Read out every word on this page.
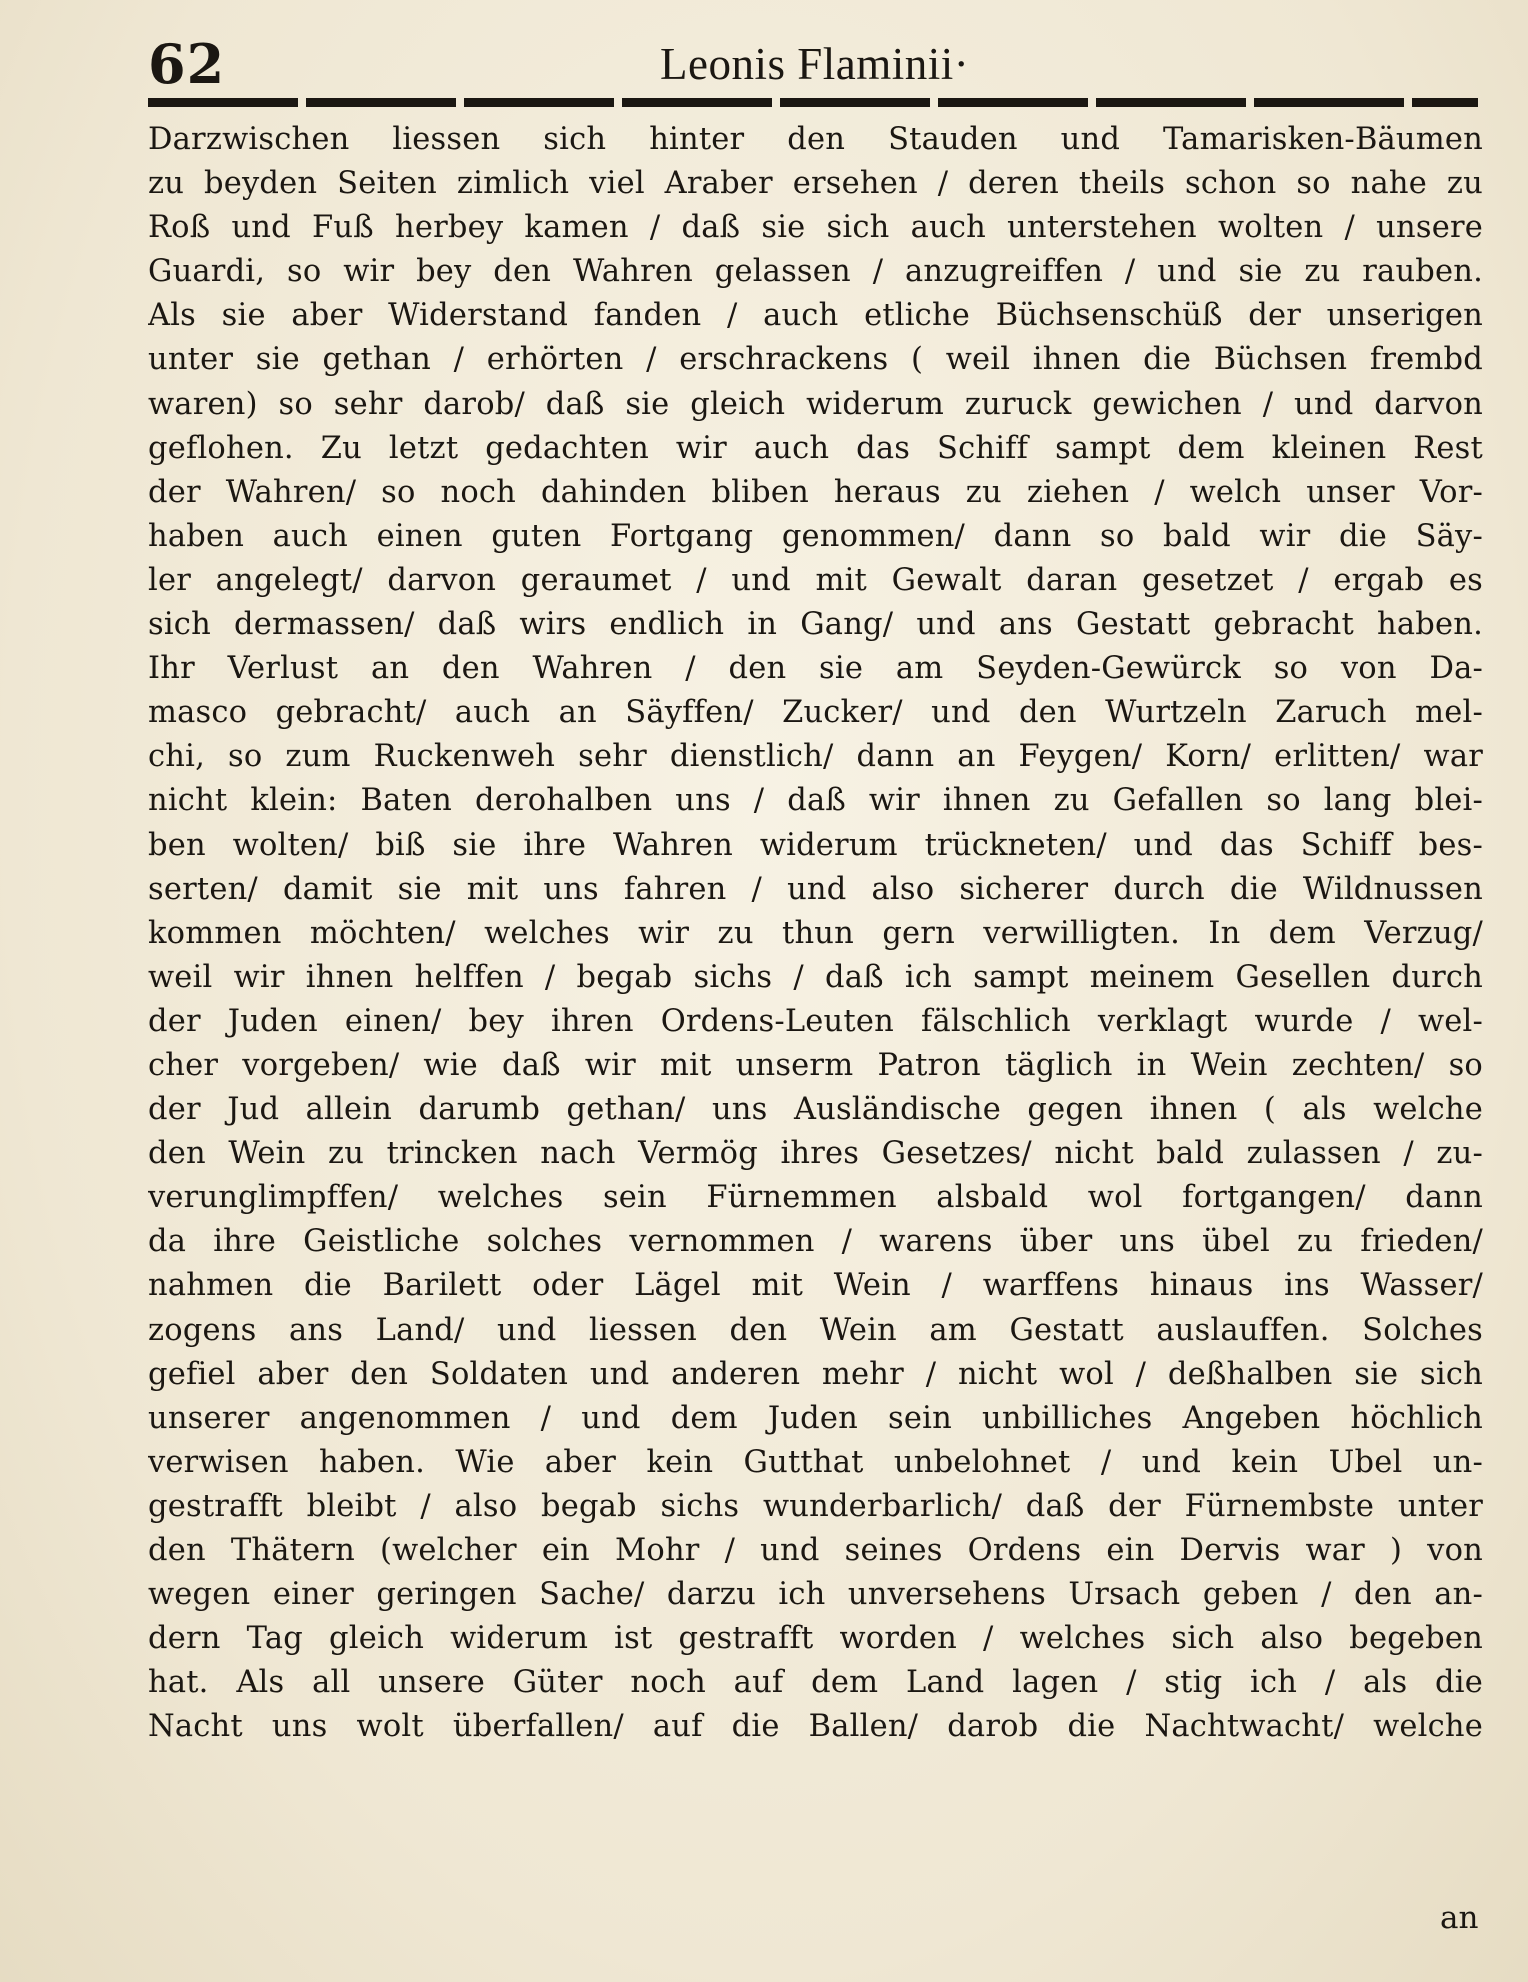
62	Leonis Flaminii·
Darzwischen liessen sich hinter den Stauden und Tamarisken-Bäumen
zu beyden Seiten zimlich viel Araber ersehen / deren theils schon so nahe zu
Roß und Fuß herbey kamen / daß sie sich auch unterstehen wolten / unsere
Guardi, so wir bey den Wahren gelassen / anzugreiffen / und sie zu rauben.
Als sie aber Widerstand fanden / auch etliche Büchsenschüß der unserigen
unter sie gethan / erhörten / erschrackens ( weil ihnen die Büchsen frembd
waren) so sehr darob/ daß sie gleich widerum zuruck gewichen / und darvon
geflohen. Zu letzt gedachten wir auch das Schiff sampt dem kleinen Rest
der Wahren/ so noch dahinden bliben heraus zu ziehen / welch unser Vor-
haben auch einen guten Fortgang genommen/ dann so bald wir die Säy-
ler angelegt/ darvon geraumet / und mit Gewalt daran gesetzet / ergab es
sich dermassen/ daß wirs endlich in Gang/ und ans Gestatt gebracht haben.
Ihr Verlust an den Wahren / den sie am Seyden-Gewürck so von Da-
masco gebracht/ auch an Säyffen/ Zucker/ und den Wurtzeln Zaruch mel-
chi, so zum Ruckenweh sehr dienstlich/ dann an Feygen/ Korn/ erlitten/ war
nicht klein: Baten derohalben uns / daß wir ihnen zu Gefallen so lang blei-
ben wolten/ biß sie ihre Wahren widerum trückneten/ und das Schiff bes-
serten/ damit sie mit uns fahren / und also sicherer durch die Wildnussen
kommen möchten/ welches wir zu thun gern verwilligten. In dem Verzug/
weil wir ihnen helffen / begab sichs / daß ich sampt meinem Gesellen durch
der Juden einen/ bey ihren Ordens-Leuten fälschlich verklagt wurde / wel-
cher vorgeben/ wie daß wir mit unserm Patron täglich in Wein zechten/ so
der Jud allein darumb gethan/ uns Ausländische gegen ihnen ( als welche
den Wein zu trincken nach Vermög ihres Gesetzes/ nicht bald zulassen / zu-
verunglimpffen/ welches sein Fürnemmen alsbald wol fortgangen/ dann
da ihre Geistliche solches vernommen / warens über uns übel zu frieden/
nahmen die Barilett oder Lägel mit Wein / warffens hinaus ins Wasser/
zogens ans Land/ und liessen den Wein am Gestatt auslauffen. Solches
gefiel aber den Soldaten und anderen mehr / nicht wol / deßhalben sie sich
unserer angenommen / und dem Juden sein unbilliches Angeben höchlich
verwisen haben. Wie aber kein Gutthat unbelohnet / und kein Ubel un-
gestrafft bleibt / also begab sichs wunderbarlich/ daß der Fürnembste unter
den Thätern (welcher ein Mohr / und seines Ordens ein Dervis war ) von
wegen einer geringen Sache/ darzu ich unversehens Ursach geben / den an-
dern Tag gleich widerum ist gestrafft worden / welches sich also begeben
hat. Als all unsere Güter noch auf dem Land lagen / stig ich / als die
Nacht uns wolt überfallen/ auf die Ballen/ darob die Nachtwacht/ welche
an
